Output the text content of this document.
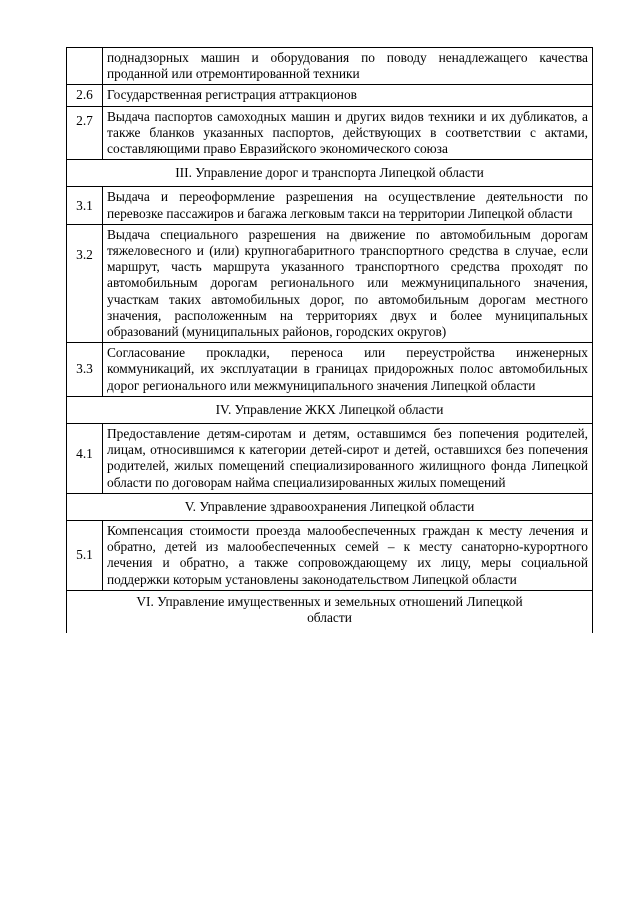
	поднадзорных машин и оборудования по поводу ненадлежащего качества проданной или отремонтированной техники
2.6	Государственная регистрация аттракционов
2.7	Выдача паспортов самоходных машин и других видов техники и их дубликатов, а также бланков указанных паспортов, действующих в соответствии с актами, составляющими право Евразийского экономического союза
III. Управление дорог и транспорта Липецкой области	
3.1	Выдача и переоформление разрешения на осуществление деятельности по перевозке пассажиров и багажа легковым такси на территории Липецкой области
3.2	Выдача специального разрешения на движение по автомобильным дорогам тяжеловесного и (или) крупногабаритного транспортного средства в случае, если маршрут, часть маршрута указанного транспортного средства проходят по автомобильным дорогам регионального или межмуниципального значения, участкам таких автомобильных дорог, по автомобильным дорогам местного значения, расположенным на территориях двух и более муниципальных образований (муниципальных районов, городских округов)
3.3	Согласование прокладки, переноса или переустройства инженерных коммуникаций, их эксплуатации в границах придорожных полос автомобильных дорог регионального или межмуниципального значения Липецкой области
IV. Управление ЖКХ Липецкой области	
4.1	Предоставление детям-сиротам и детям, оставшимся без попечения родителей, лицам, относившимся к категории детей-сирот и детей, оставшихся без попечения родителей, жилых помещений специализированного жилищного фонда Липецкой области по договорам найма специализированных жилых помещений
V. Управление здравоохранения Липецкой области	
5.1	Компенсация стоимости проезда малообеспеченных граждан к месту лечения и обратно, детей из малообеспеченных семей – к месту санаторно-курортного лечения и обратно, а также сопровождающему их лицу, меры социальной поддержки которым установлены законодательством Липецкой области
VI. Управление имущественных и земельных отношений Липецкой области	
